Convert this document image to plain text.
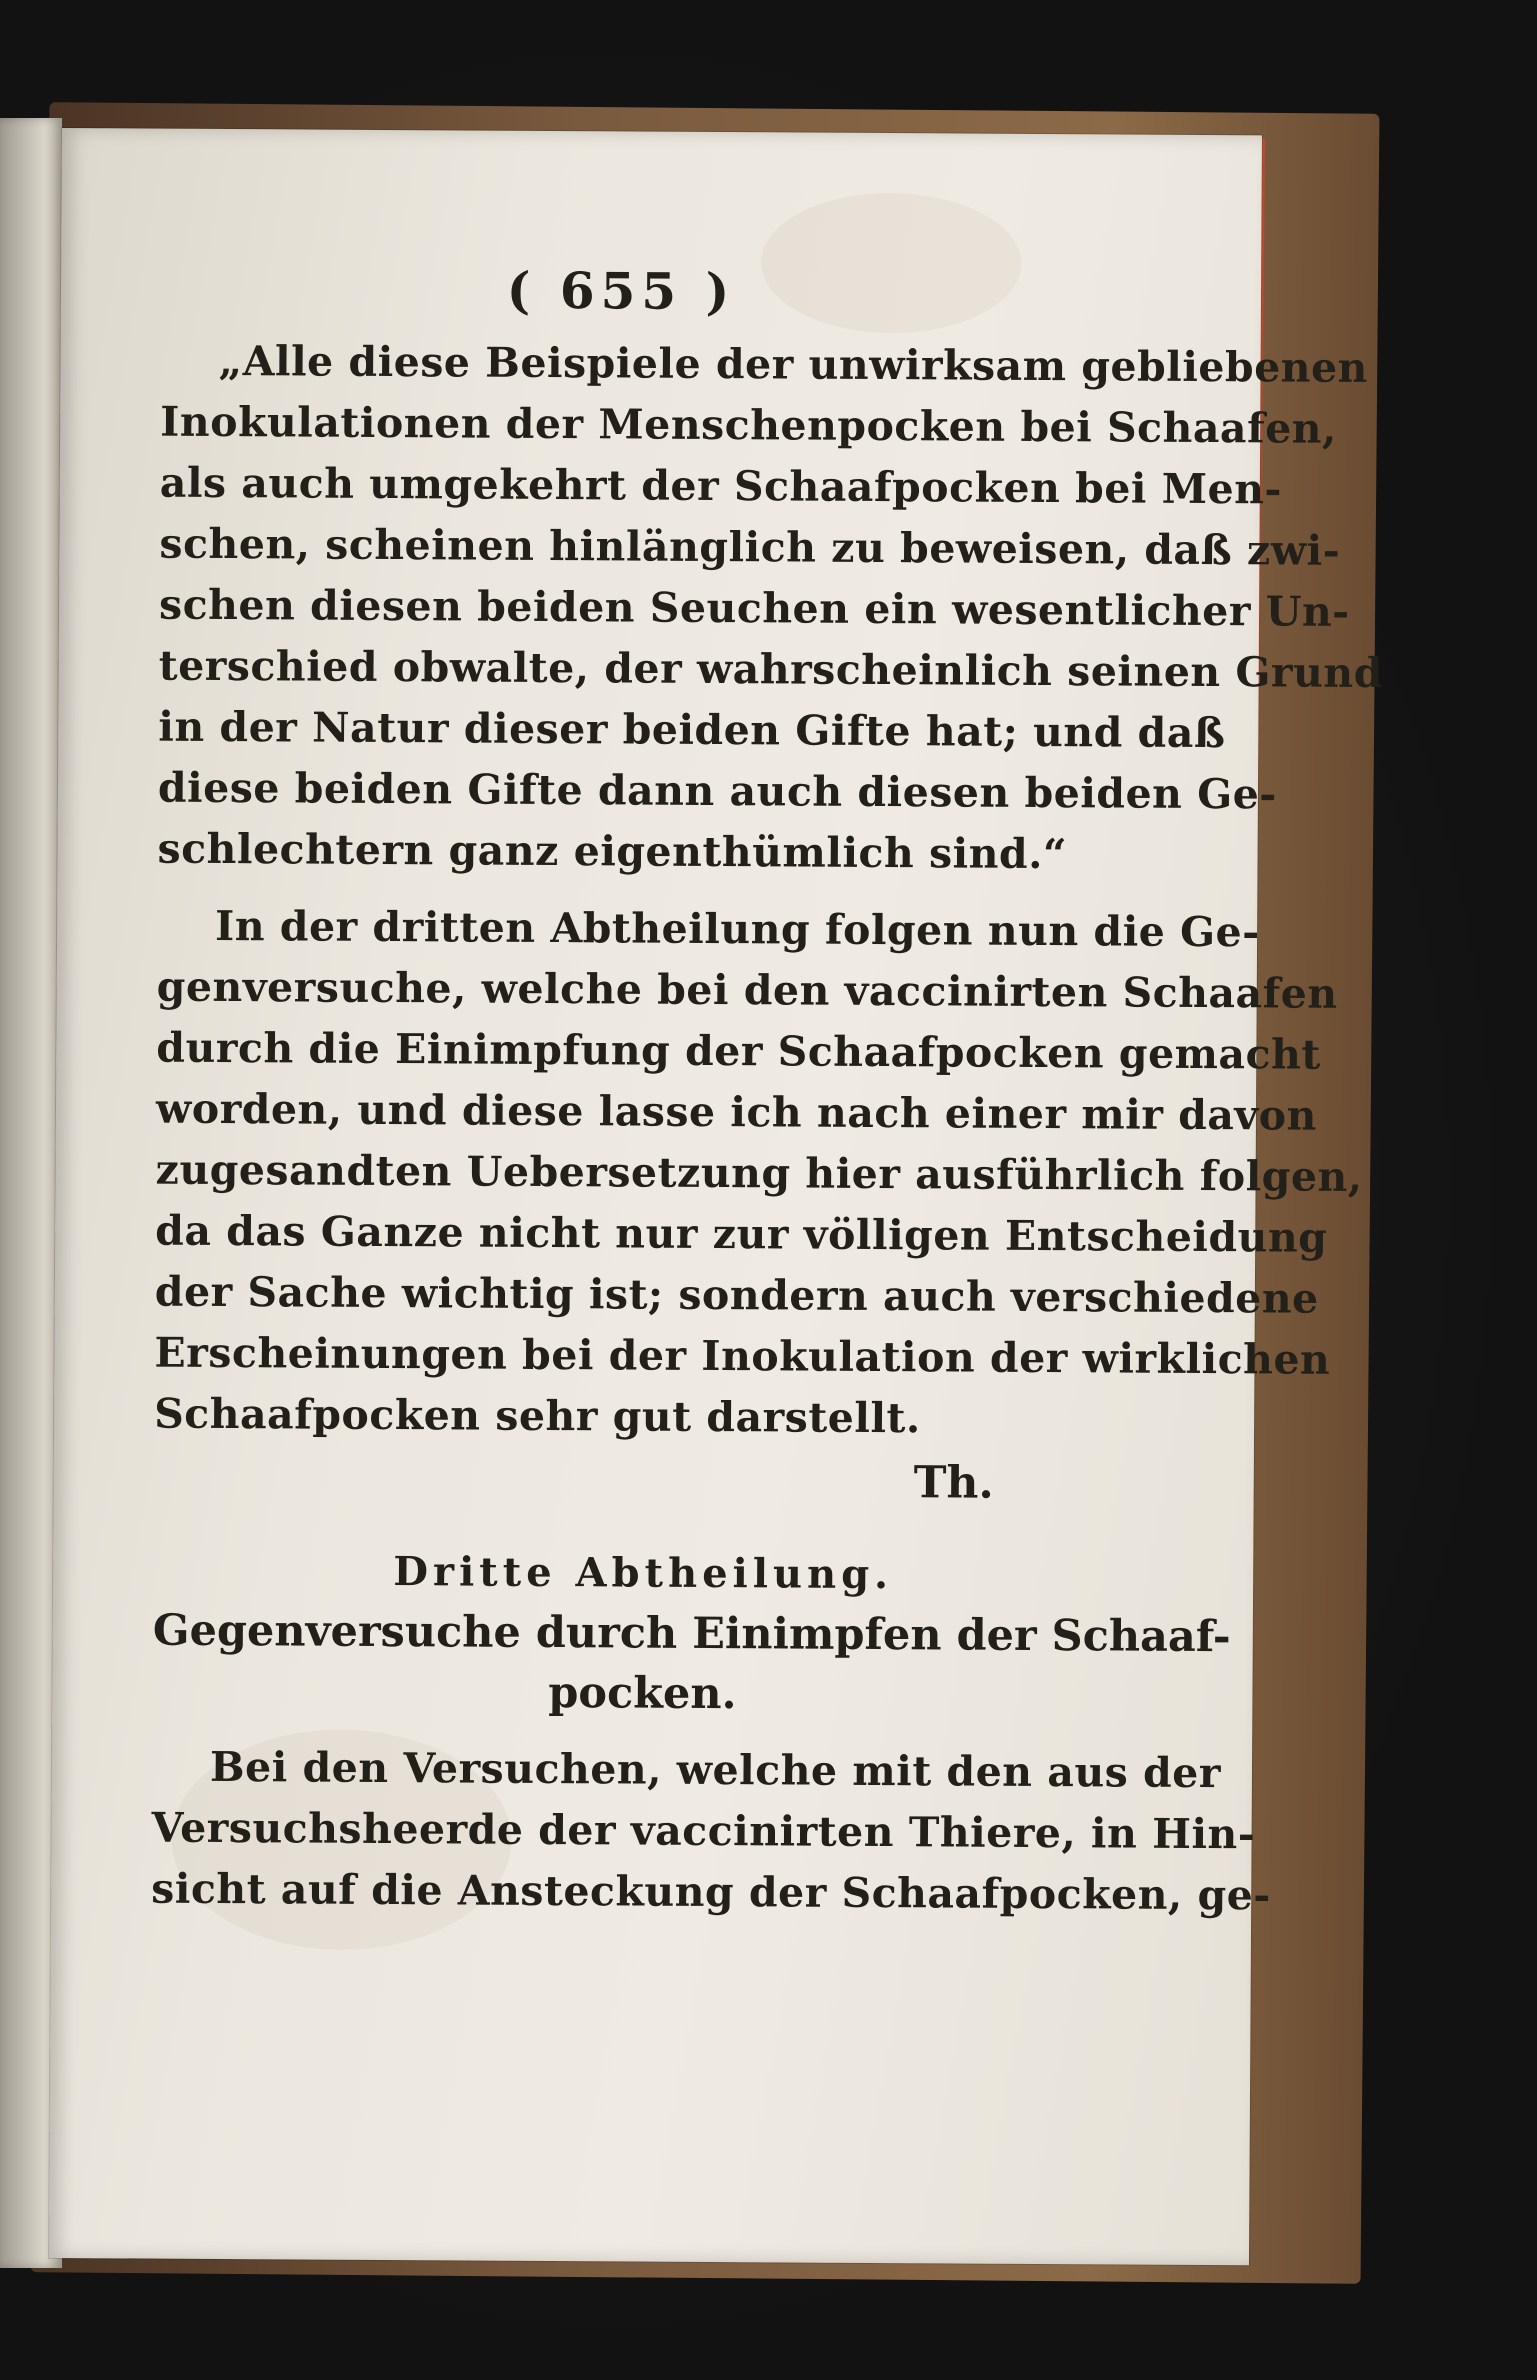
( 655 )
„Alle diese Beispiele der unwirksam gebliebenen
Inokulationen der Menschenpocken bei Schaafen,
als auch umgekehrt der Schaafpocken bei Men-
schen, scheinen hinlänglich zu beweisen, daß zwi-
schen diesen beiden Seuchen ein wesentlicher Un-
terschied obwalte, der wahrscheinlich seinen Grund
in der Natur dieser beiden Gifte hat; und daß
diese beiden Gifte dann auch diesen beiden Ge-
schlechtern ganz eigenthümlich sind.“
In der dritten Abtheilung folgen nun die Ge-
genversuche, welche bei den vaccinirten Schaafen
durch die Einimpfung der Schaafpocken gemacht
worden, und diese lasse ich nach einer mir davon
zugesandten Uebersetzung hier ausführlich folgen,
da das Ganze nicht nur zur völligen Entscheidung
der Sache wichtig ist; sondern auch verschiedene
Erscheinungen bei der Inokulation der wirklichen
Schaafpocken sehr gut darstellt.
Th.
Dritte Abtheilung.
Gegenversuche durch Einimpfen der Schaaf-
pocken.
Bei den Versuchen, welche mit den aus der
Versuchsheerde der vaccinirten Thiere, in Hin-
sicht auf die Ansteckung der Schaafpocken, ge-
